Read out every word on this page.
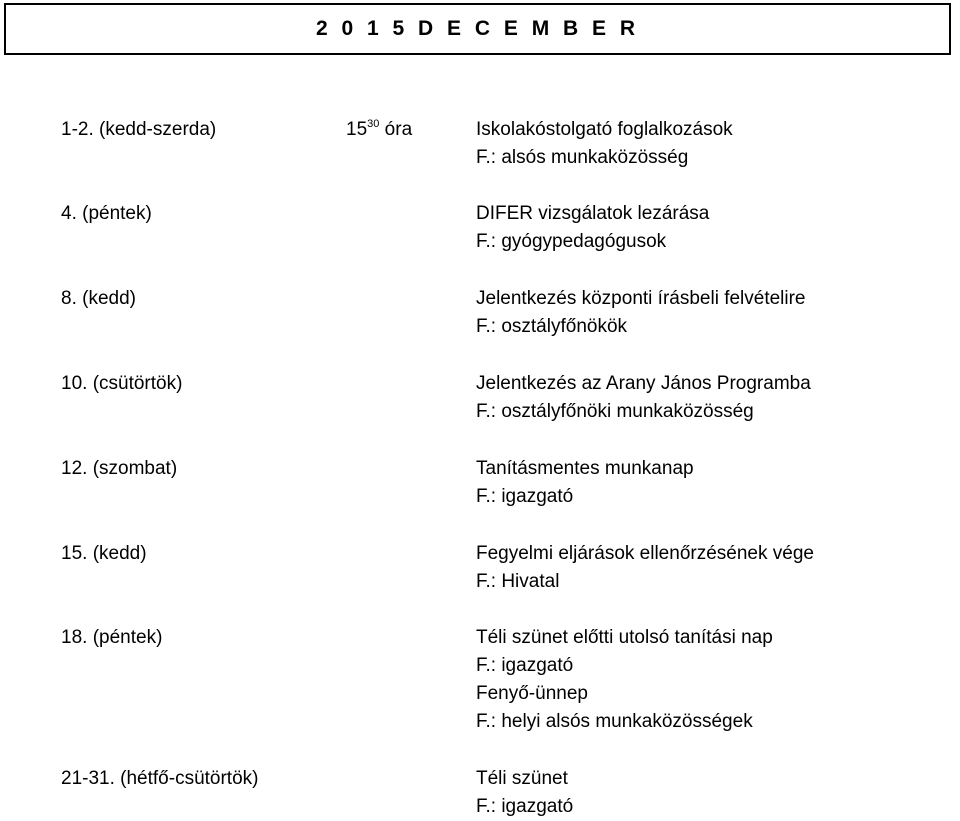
2 0 1 5 D E C E M B E R
1-2. (kedd-szerda)	$15^{30}$ óra	Iskolakóstolgató foglalkozások
F.: alsós munkaközösség
4. (péntek)	DIFER vizsgálatok lezárása
F.: gyógypedagógusok
8. (kedd)	Jelentkezés központi írásbeli felvételire
F.: osztályfőnökök
10. (csütörtök)	Jelentkezés az Arany János Programba
F.: osztályfőnöki munkaközösség
12. (szombat)	Tanításmentes munkanap
F.: igazgató
15. (kedd)	Fegyelmi eljárások ellenőrzésének vége
F.: Hivatal
18. (péntek)	Téli szünet előtti utolsó tanítási nap
F.: igazgató
Fenyő-ünnep
F.: helyi alsós munkaközösségek
21-31. (hétfő-csütörtök)	Téli szünet
F.: igazgató
